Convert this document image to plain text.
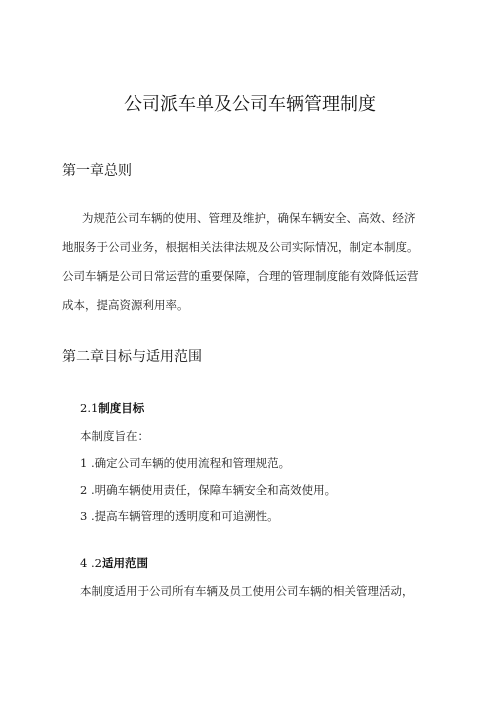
公司派车单及公司车辆管理制度
第一章总则
为规范公司车辆的使用、管理及维护，确保车辆安全、高效、经济
地服务于公司业务，根据相关法律法规及公司实际情况，制定本制度。
公司车辆是公司日常运营的重要保障，合理的管理制度能有效降低运营
成本，提高资源利用率。
第二章目标与适用范围
2.1制度目标
本制度旨在：
1 .确定公司车辆的使用流程和管理规范。
2 .明确车辆使用责任，保障车辆安全和高效使用。
3 .提高车辆管理的透明度和可追溯性。
4 .2适用范围
本制度适用于公司所有车辆及员工使用公司车辆的相关管理活动，
